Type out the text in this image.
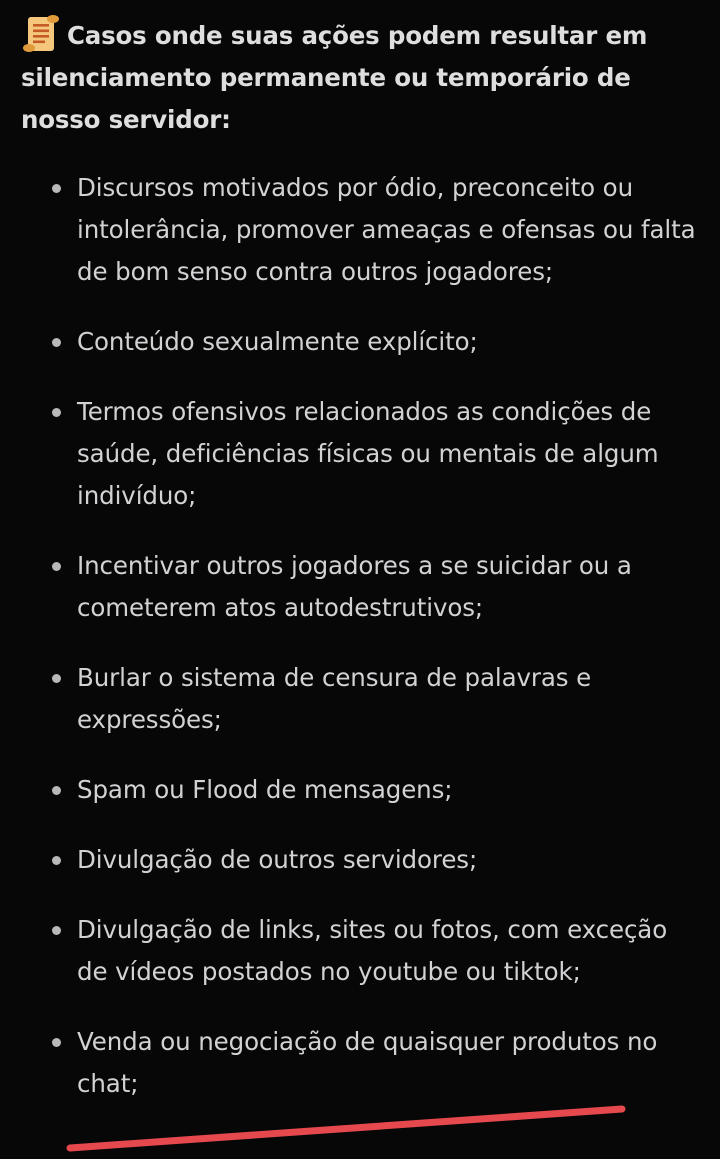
Casos onde suas ações podem resultar em silenciamento permanente ou temporário de nosso servidor:

Discursos motivados por ódio, preconceito ou intolerância, promover ameaças e ofensas ou falta de bom senso contra outros jogadores;
Conteúdo sexualmente explícito;
Termos ofensivos relacionados as condições de saúde, deficiências físicas ou mentais de algum indivíduo;
Incentivar outros jogadores a se suicidar ou a cometerem atos autodestrutivos;
Burlar o sistema de censura de palavras e expressões;
Spam ou Flood de mensagens;
Divulgação de outros servidores;
Divulgação de links, sites ou fotos, com exceção de vídeos postados no youtube ou tiktok;
Venda ou negociação de quaisquer produtos no chat;
